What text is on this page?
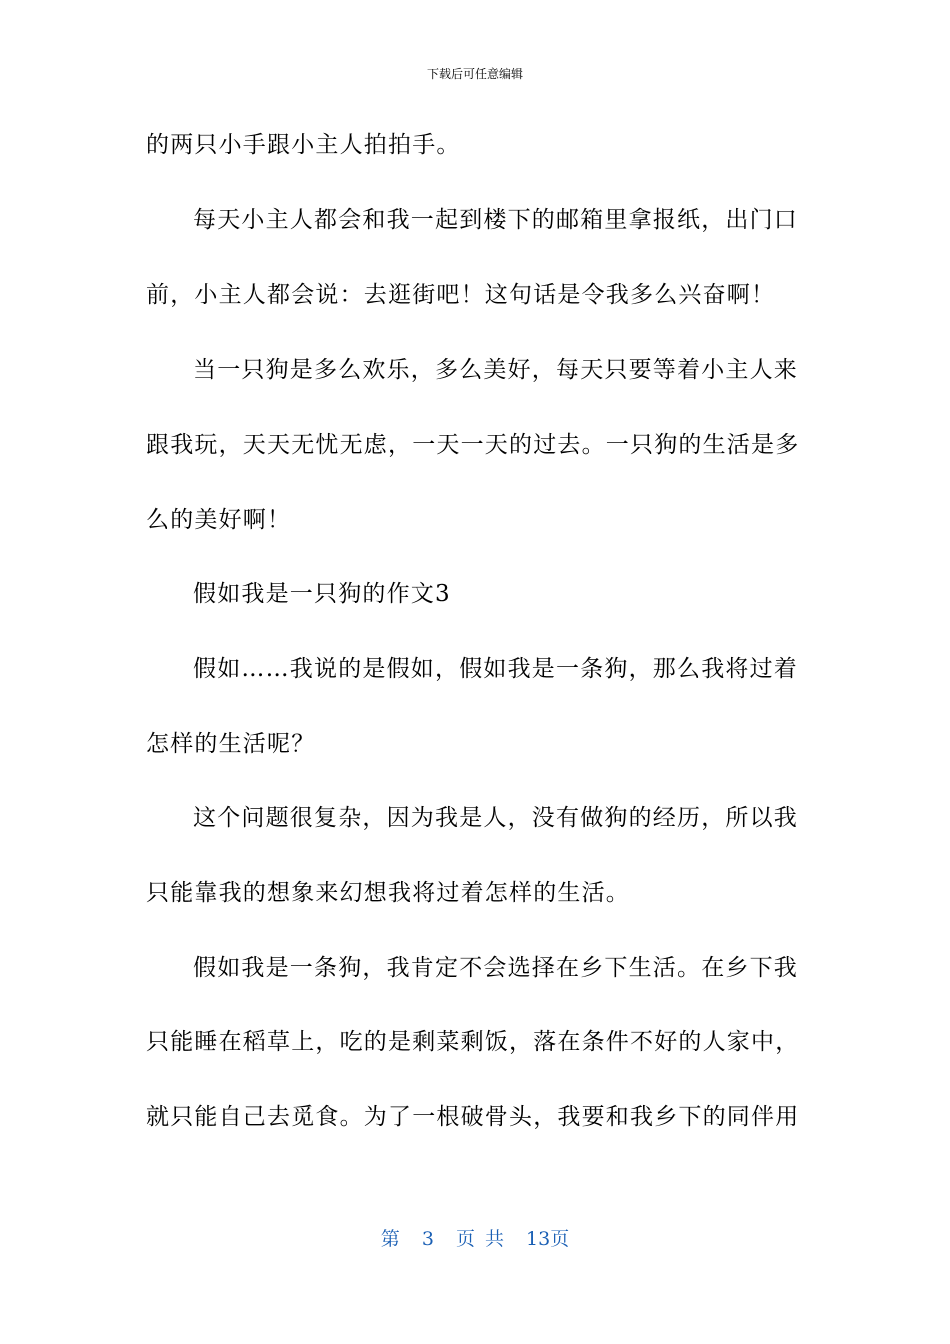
下载后可任意编辑
的两只小手跟小主人拍拍手。
每天小主人都会和我一起到楼下的邮箱里拿报纸，出门口
前，小主人都会说：去逛街吧！这句话是令我多么兴奋啊！
当一只狗是多么欢乐，多么美好，每天只要等着小主人来
跟我玩，天天无忧无虑，一天一天的过去。一只狗的生活是多
么的美好啊！
假如我是一只狗的作文3
假如……我说的是假如，假如我是一条狗，那么我将过着
怎样的生活呢？
这个问题很复杂，因为我是人，没有做狗的经历，所以我
只能靠我的想象来幻想我将过着怎样的生活。
假如我是一条狗，我肯定不会选择在乡下生活。在乡下我
只能睡在稻草上，吃的是剩菜剩饭，落在条件不好的人家中，
就只能自己去觅食。为了一根破骨头，我要和我乡下的同伴用
第 3 页 共 13页
